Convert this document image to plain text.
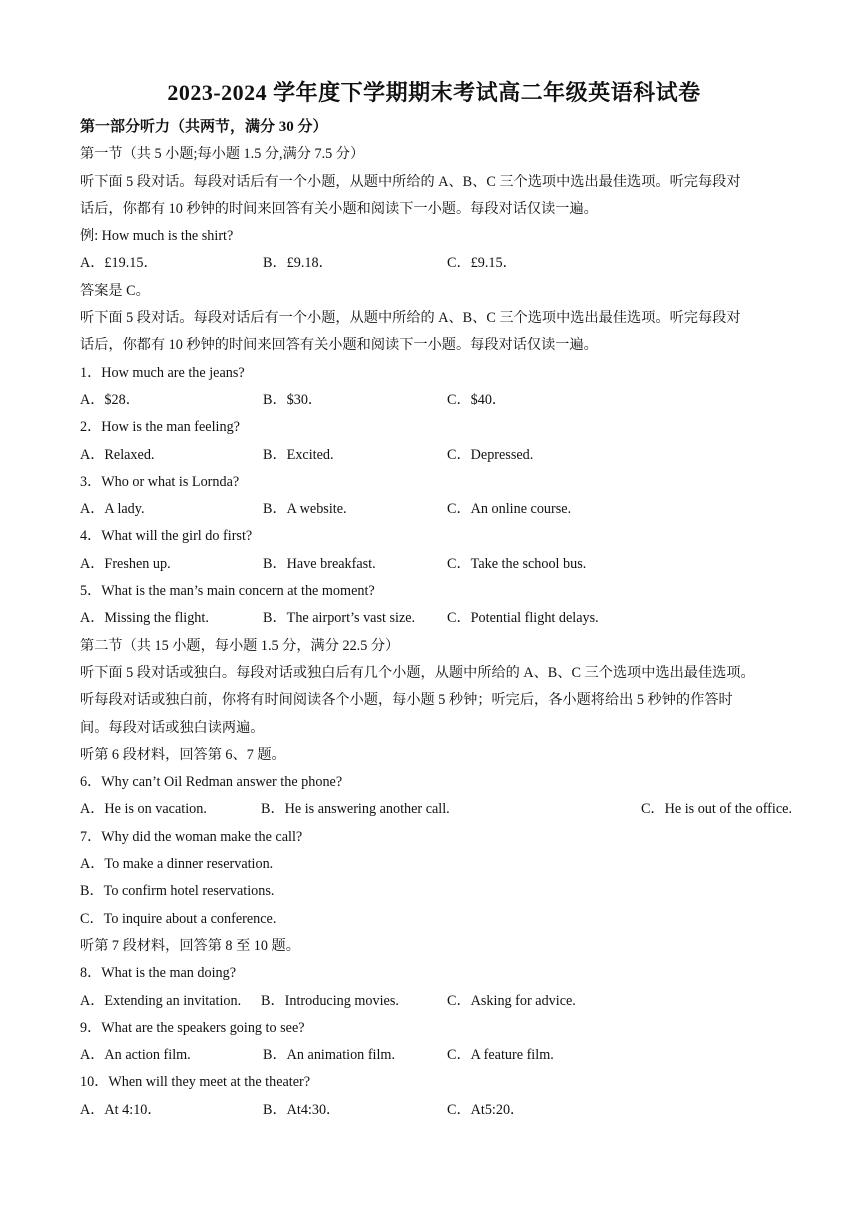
2023-2024 学年度下学期期末考试高二年级英语科试卷
第一部分听力（共两节，满分 30 分）
第一节（共 5 小题;每小题 1.5 分,满分 7.5 分）
听下面 5 段对话。每段对话后有一个小题，从题中所给的 A、B、C 三个选项中选出最佳选项。听完每段对
话后，你都有 10 秒钟的时间来回答有关小题和阅读下一小题。每段对话仅读一遍。
例: How much is the shirt?
A．£19.15．	B．£9.18．	C．£9.15．
答案是 C。
听下面 5 段对话。每段对话后有一个小题，从题中所给的 A、B、C 三个选项中选出最佳选项。听完每段对
话后，你都有 10 秒钟的时间来回答有关小题和阅读下一小题。每段对话仅读一遍。
1．How much are the jeans?
A．$28．	B．$30．	C．$40．
2．How is the man feeling?
A．Relaxed.	B．Excited.	C．Depressed.
3．Who or what is Lornda?
A．A lady.	B．A website.	C．An online course.
4．What will the girl do first?
A．Freshen up.	B．Have breakfast.	C．Take the school bus.
5．What is the man’s main concern at the moment?
A．Missing the flight.	B．The airport’s vast size. C．Potential flight delays.
第二节（共 15 小题，每小题 1.5 分，满分 22.5 分）
听下面 5 段对话或独白。每段对话或独白后有几个小题，从题中所给的 A、B、C 三个选项中选出最佳选项。
听每段对话或独白前，你将有时间阅读各个小题，每小题 5 秒钟；听完后，各小题将给出 5 秒钟的作答时
间。每段对话或独白读两遍。
听第 6 段材料，回答第 6、7 题。
6．Why can’t Oil Redman answer the phone?
A．He is on vacation.	B．He is answering another call.	C．He is out of the office.
7．Why did the woman make the call?
A．To make a dinner reservation.
B．To confirm hotel reservations.
C．To inquire about a conference.
听第 7 段材料，回答第 8 至 10 题。
8．What is the man doing?
A．Extending an invitation. B．Introducing movies.	C．Asking for advice.
9．What are the speakers going to see?
A．An action film.	B．An animation film.	C．A feature film.
10．When will they meet at the theater?
A．At 4:10．	B．At4:30．	C．At5:20．
